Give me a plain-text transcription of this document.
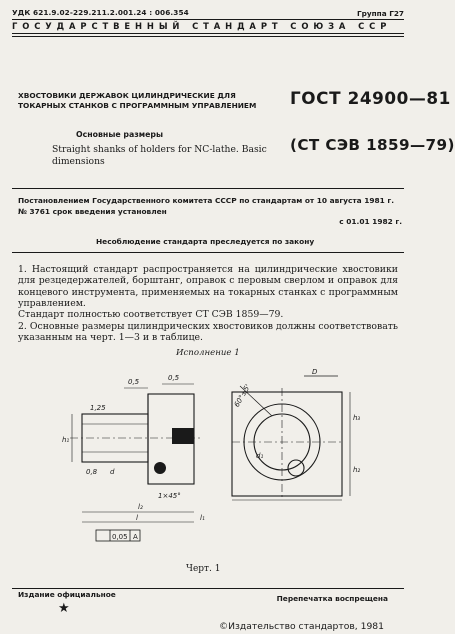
УДК 621.9.02-229.211.2.001.24 : 006.354	Группа Г27
ГОСУДАРСТВЕННЫЙ СТАНДАРТ СОЮЗА ССР
ХВОСТОВИКИ ДЕРЖАВОК ЦИЛИНДРИЧЕСКИЕ ДЛЯ ТОКАРНЫХ СТАНКОВ С ПРОГРАММНЫМ УПРАВЛЕНИЕМ
Основные размеры
Straight shanks of holders for NC-lathe. Basic dimensions
ГОСТ 24900—81
(СТ СЭВ 1859—79)
Постановлением Государственного комитета СССР по стандартам от 10 августа 1981 г. № 3761 срок введения установлен
с 01.01 1982 г.
Несоблюдение стандарта преследуется по закону
1. Настоящий стандарт распространяется на цилиндрические хвостовики для резцедержателей, борштанг, оправок с перовым сверлом и оправок для концевого инструмента, применяемых на токарных станках с программным управлением.
Стандарт полностью соответствует СТ СЭВ 1859—79.
2. Основные размеры цилиндрических хвостовиков должны соответствовать указанным на черт. 1—3 и в таблице.
Исполнение 1
0,5	0,5
1,25
h₁
0,8 d
1×45°
l₂
l	l₁
0,05 A
D
60°±5'
d₁
h₃
h₂
Черт. 1
Издание официальное	Перепечатка воспрещена
★
©Издательство стандартов, 1981
